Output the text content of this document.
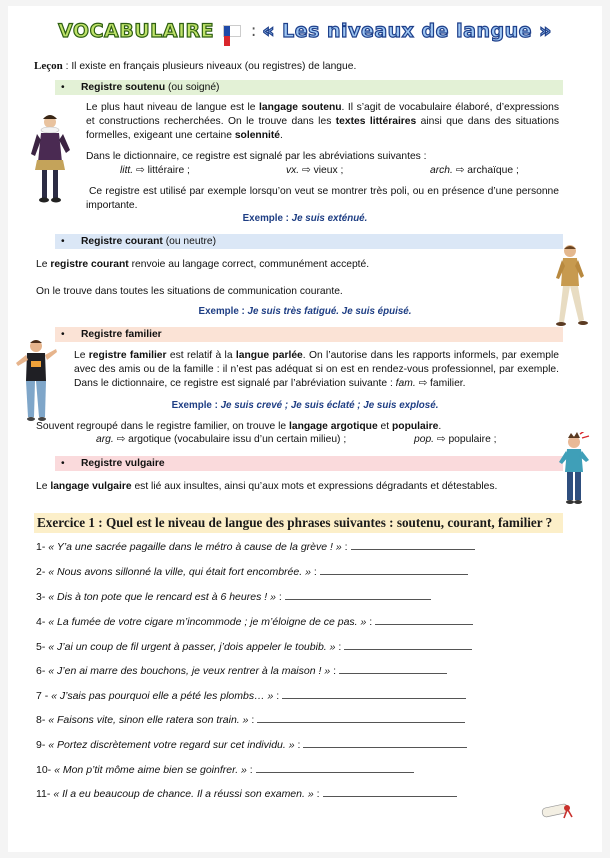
VOCABULAIRE : « Les niveaux de langue »
Leçon : Il existe en français plusieurs niveaux (ou registres) de langue.
• Registre soutenu (ou soigné)
Le plus haut niveau de langue est le langage soutenu. Il s’agit de vocabulaire élaboré, d’expressions et constructions recherchées. On le trouve dans les textes littéraires ainsi que dans des situations formelles, exigeant une certaine solennité.
Dans le dictionnaire, ce registre est signalé par les abréviations suivantes :
litt. ⇨ littéraire ;	vx. ⇨ vieux ;	arch. ⇨ archaïque ;
Ce registre est utilisé par exemple lorsqu’on veut se montrer très poli, ou en présence d’une personne importante.
Exemple : Je suis exténué.
• Registre courant (ou neutre)
Le registre courant renvoie au langage correct, communément accepté.
On le trouve dans toutes les situations de communication courante.
Exemple : Je suis très fatigué. Je suis épuisé.
• Registre familier
Le registre familier est relatif à la langue parlée. On l’autorise dans les rapports informels, par exemple avec des amis ou de la famille : il n’est pas adéquat si on est en rendez-vous professionnel, par exemple. Dans le dictionnaire, ce registre est signalé par l’abréviation suivante : fam. ⇨ familier.
Exemple : Je suis crevé ; Je suis éclaté ; Je suis explosé.
Souvent regroupé dans le registre familier, on trouve le langage argotique et populaire.
arg. ⇨ argotique (vocabulaire issu d’un certain milieu) ;	pop. ⇨ populaire ;
• Registre vulgaire
Le langage vulgaire est lié aux insultes, ainsi qu’aux mots et expressions dégradants et détestables.
Exercice 1 : Quel est le niveau de langue des phrases suivantes : soutenu, courant, familier ?
1- « Y’a une sacrée pagaille dans le métro à cause de la grève ! » :
2- « Nous avons sillonné la ville, qui était fort encombrée. » :
3- « Dis à ton pote que le rencard est à 6 heures ! » :
4- « La fumée de votre cigare m’incommode ; je m’éloigne de ce pas. » :
5- « J’ai un coup de fil urgent à passer, j’dois appeler le toubib. » :
6- « J’en ai marre des bouchons, je veux rentrer à la maison ! » :
7 - « J’sais pas pourquoi elle a pété les plombs… » :
8- « Faisons vite, sinon elle ratera son train. » :
9- « Portez discrètement votre regard sur cet individu. » :
10- « Mon p’tit môme aime bien se goinfrer. » :
11- « Il a eu beaucoup de chance. Il a réussi son examen. » :
